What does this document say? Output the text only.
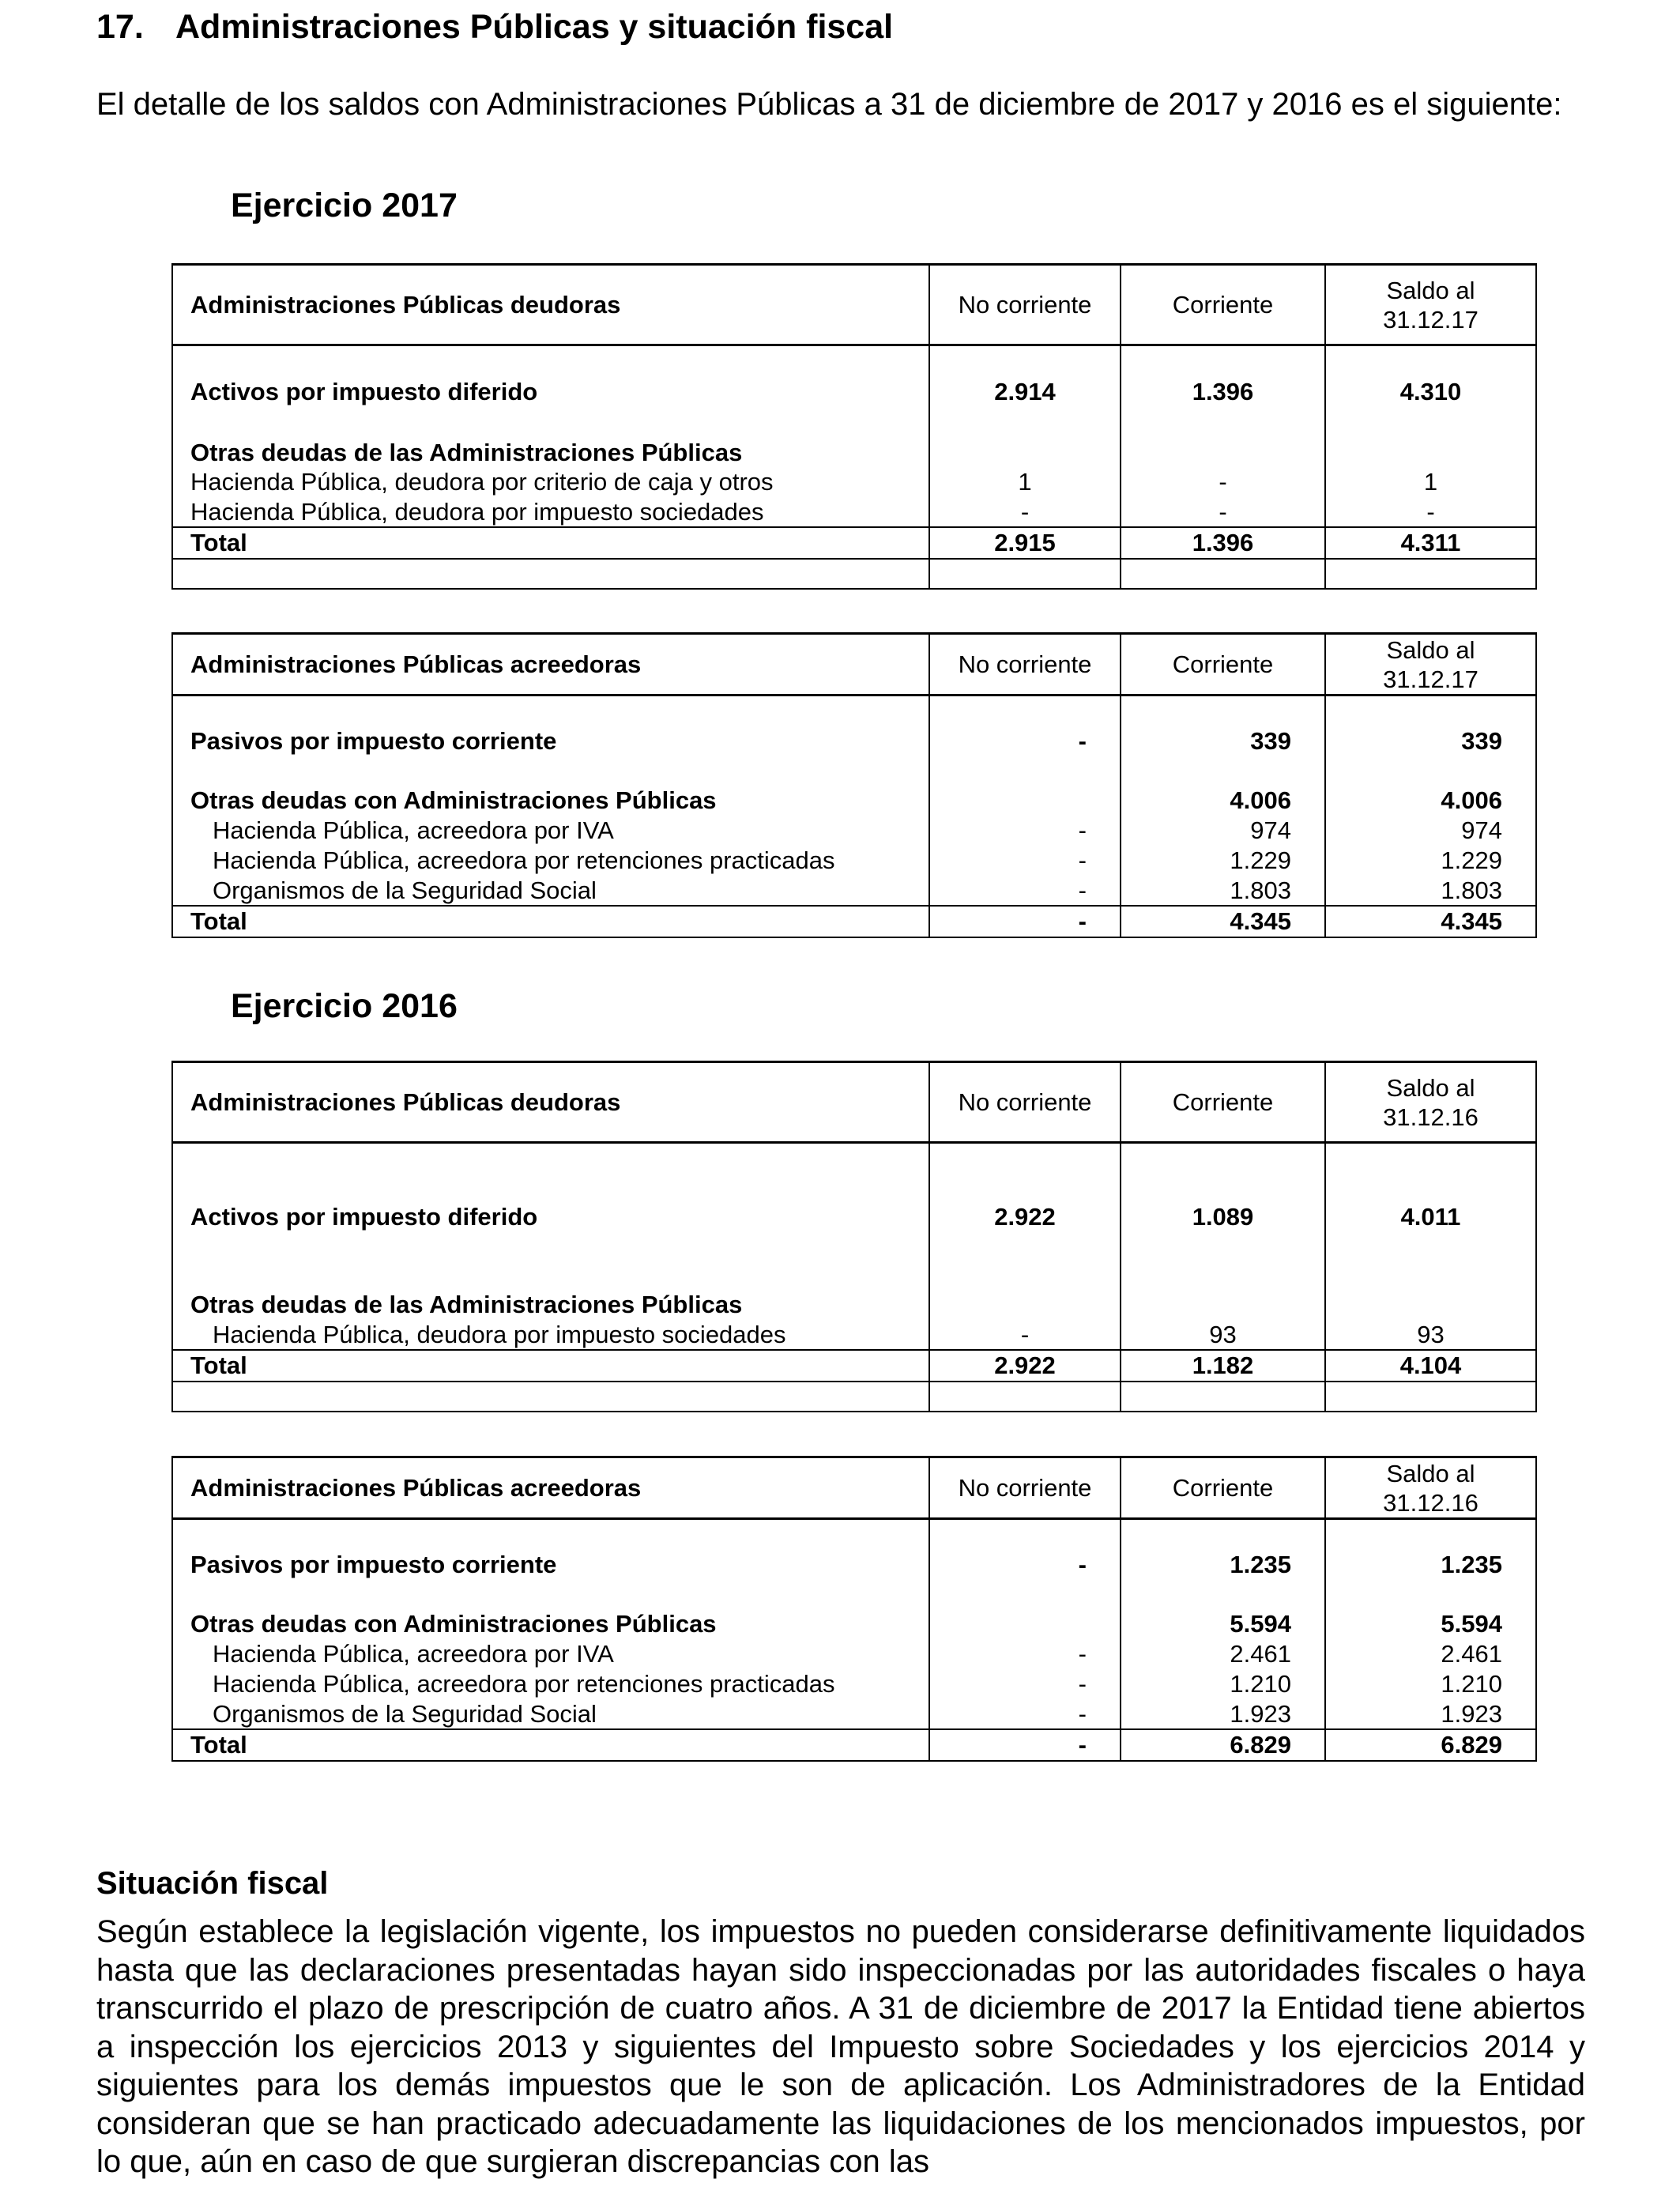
17. Administraciones Públicas y situación fiscal

El detalle de los saldos con Administraciones Públicas a 31 de diciembre de 2017 y 2016 es el siguiente:

Ejercicio 2017
Administraciones Públicas deudoras	No corriente	Corriente	Saldo al
31.12.17
Activos por impuesto diferido	2.914	1.396	4.310
Otras deudas de las Administraciones Públicas			
Hacienda Pública, deudora por criterio de caja y otros	1	-	1
Hacienda Pública, deudora por impuesto sociedades	-	-	-
Total	2.915	1.396	4.311

Administraciones Públicas acreedoras	No corriente	Corriente	Saldo al
31.12.17
Pasivos por impuesto corriente	-	339	339
Otras deudas con Administraciones Públicas		4.006	4.006
Hacienda Pública, acreedora por IVA	-	974	974
Hacienda Pública, acreedora por retenciones practicadas	-	1.229	1.229
Organismos de la Seguridad Social	-	1.803	1.803
Total	-	4.345	4.345
Ejercicio 2016
Administraciones Públicas deudoras	No corriente	Corriente	Saldo al
31.12.16
Activos por impuesto diferido	2.922	1.089	4.011
Otras deudas de las Administraciones Públicas			
Hacienda Pública, deudora por impuesto sociedades	-	93	93
Total	2.922	1.182	4.104

Administraciones Públicas acreedoras	No corriente	Corriente	Saldo al
31.12.16
Pasivos por impuesto corriente	-	1.235	1.235
Otras deudas con Administraciones Públicas		5.594	5.594
Hacienda Pública, acreedora por IVA	-	2.461	2.461
Hacienda Pública, acreedora por retenciones practicadas	-	1.210	1.210
Organismos de la Seguridad Social	-	1.923	1.923
Total	-	6.829	6.829
Situación fiscal

Según establece la legislación vigente, los impuestos no pueden considerarse definitivamente liquidados hasta que las declaraciones presentadas hayan sido inspeccionadas por las autoridades fiscales o haya transcurrido el plazo de prescripción de cuatro años. A 31 de diciembre de 2017 la Entidad tiene abiertos a inspección los ejercicios 2013 y siguientes del Impuesto sobre Sociedades y los ejercicios 2014 y siguientes para los demás impuestos que le son de aplicación. Los Administradores de la Entidad consideran que se han practicado adecuadamente las liquidaciones de los mencionados impuestos, por lo que, aún en caso de que surgieran discrepancias con las
